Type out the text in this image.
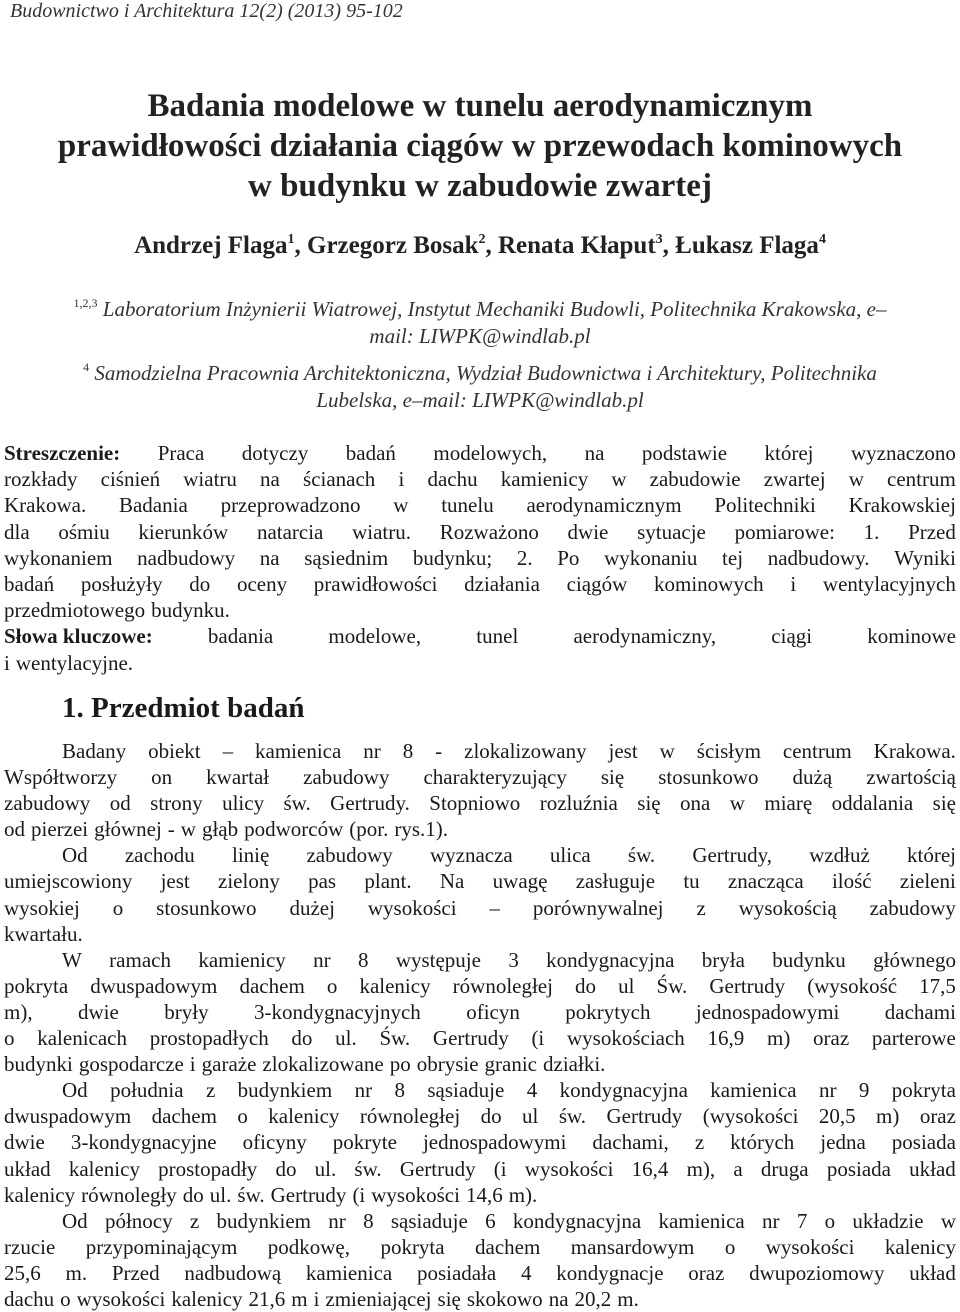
Budownictwo i Architektura 12(2) (2013) 95-102
Badania modelowe w tunelu aerodynamicznym
prawidłowości działania ciągów w przewodach kominowych
w budynku w zabudowie zwartej
Andrzej Flaga$^1$, Grzegorz Bosak$^2$, Renata Kłaput$^3$, Łukasz Flaga$^4$
$^{1,2,3}$ Laboratorium Inżynierii Wiatrowej, Instytut Mechaniki Budowli, Politechnika Krakowska, e–
mail: LIWPK@windlab.pl
$^4$ Samodzielna Pracownia Architektoniczna, Wydział Budownictwa i Architektury, Politechnika
Lubelska, e–mail: LIWPK@windlab.pl
Streszczenie: Praca dotyczy badań modelowych, na podstawie której wyznaczono
rozkłady ciśnień wiatru na ścianach i dachu kamienicy w zabudowie zwartej w centrum
Krakowa. Badania przeprowadzono w tunelu aerodynamicznym Politechniki Krakowskiej
dla ośmiu kierunków natarcia wiatru. Rozważono dwie sytuacje pomiarowe: 1. Przed
wykonaniem nadbudowy na sąsiednim budynku; 2. Po wykonaniu tej nadbudowy. Wyniki
badań posłużyły do oceny prawidłowości działania ciągów kominowych i wentylacyjnych
przedmiotowego budynku.
Słowa kluczowe:	badania	modelowe,	tunel	aerodynamiczny,	ciągi	kominowe
i wentylacyjne.
1. Przedmiot badań
Badany obiekt – kamienica nr 8 - zlokalizowany jest w ścisłym centrum Krakowa.
Współtworzy on kwartał zabudowy charakteryzujący się stosunkowo dużą zwartością
zabudowy od strony ulicy św. Gertrudy. Stopniowo rozluźnia się ona w miarę oddalania się
od pierzei głównej - w głąb podworców (por. rys.1).
Od zachodu linię zabudowy wyznacza ulica św. Gertrudy, wzdłuż której
umiejscowiony jest zielony pas plant. Na uwagę zasługuje tu znacząca ilość zieleni
wysokiej o stosunkowo dużej wysokości – porównywalnej z wysokością zabudowy
kwartału.
W ramach kamienicy nr 8 występuje 3 kondygnacyjna bryła budynku głównego
pokryta dwuspadowym dachem o kalenicy równoległej do ul Św. Gertrudy (wysokość 17,5
m), dwie bryły 3-kondygnacyjnych oficyn pokrytych jednospadowymi dachami
o kalenicach prostopadłych do ul. Św. Gertrudy (i wysokościach 16,9 m) oraz parterowe
budynki gospodarcze i garaże zlokalizowane po obrysie granic działki.
Od południa z budynkiem nr 8 sąsiaduje 4 kondygnacyjna kamienica nr 9 pokryta
dwuspadowym dachem o kalenicy równoległej do ul św. Gertrudy (wysokości 20,5 m) oraz
dwie 3-kondygnacyjne oficyny pokryte jednospadowymi dachami, z których jedna posiada
układ kalenicy prostopadły do ul. św. Gertrudy (i wysokości 16,4 m), a druga posiada układ
kalenicy równoległy do ul. św. Gertrudy (i wysokości 14,6 m).
Od północy z budynkiem nr 8 sąsiaduje 6 kondygnacyjna kamienica nr 7 o układzie w
rzucie przypominającym podkowę, pokryta dachem mansardowym o wysokości kalenicy
25,6 m. Przed nadbudową kamienica posiadała 4 kondygnacje oraz dwupoziomowy układ
dachu o wysokości kalenicy 21,6 m i zmieniającej się skokowo na 20,2 m.
